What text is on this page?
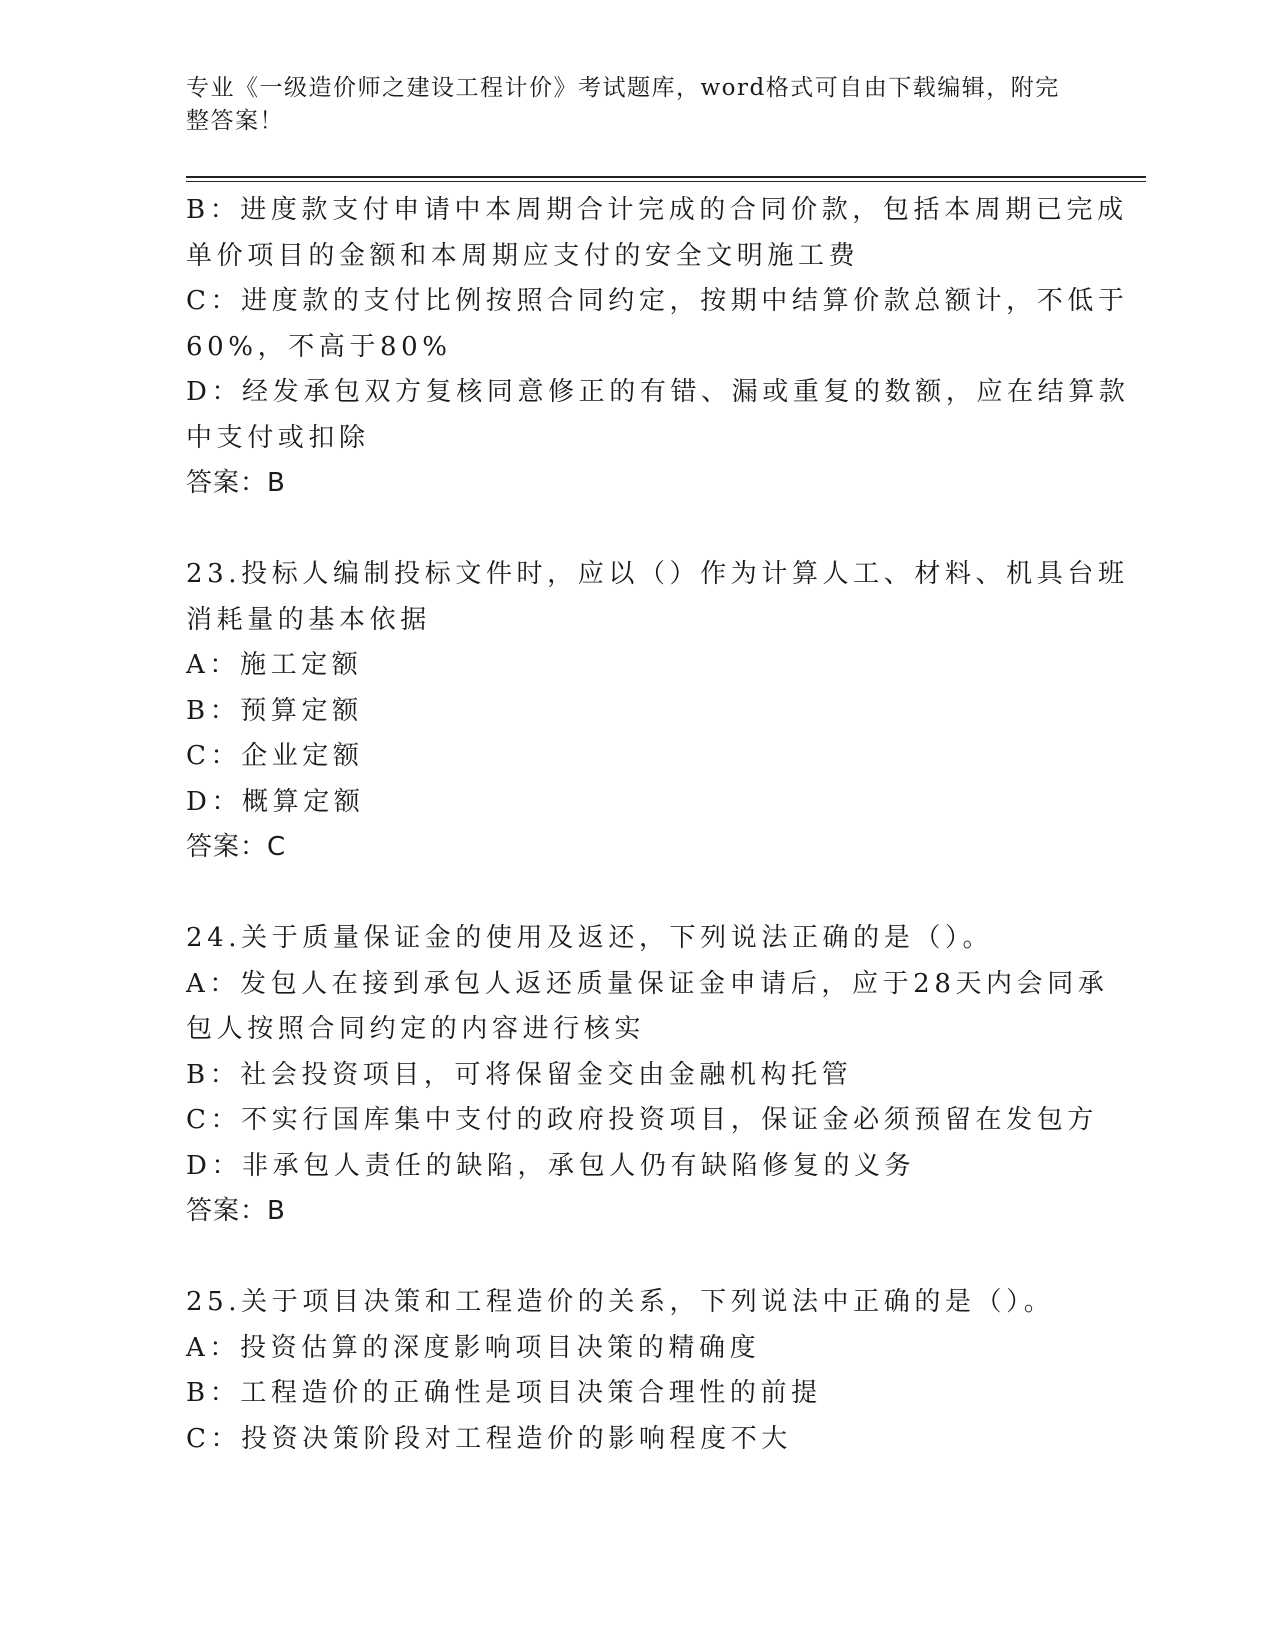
专业《一级造价师之建设工程计价》考试题库，word格式可自由下载编辑，附完
整答案！
B：进度款支付申请中本周期合计完成的合同价款，包括本周期已完成
单价项目的金额和本周期应支付的安全文明施工费
C：进度款的支付比例按照合同约定，按期中结算价款总额计，不低于
60%，不高于80%
D：经发承包双方复核同意修正的有错、漏或重复的数额，应在结算款
中支付或扣除
答案：B
23.投标人编制投标文件时，应以（）作为计算人工、材料、机具台班
消耗量的基本依据
A：施工定额
B：预算定额
C：企业定额
D：概算定额
答案：C
24.关于质量保证金的使用及返还，下列说法正确的是（）。
A：发包人在接到承包人返还质量保证金申请后，应于28天内会同承
包人按照合同约定的内容进行核实
B：社会投资项目，可将保留金交由金融机构托管
C：不实行国库集中支付的政府投资项目，保证金必须预留在发包方
D：非承包人责任的缺陷，承包人仍有缺陷修复的义务
答案：B
25.关于项目决策和工程造价的关系，下列说法中正确的是（）。
A：投资估算的深度影响项目决策的精确度
B：工程造价的正确性是项目决策合理性的前提
C：投资决策阶段对工程造价的影响程度不大
